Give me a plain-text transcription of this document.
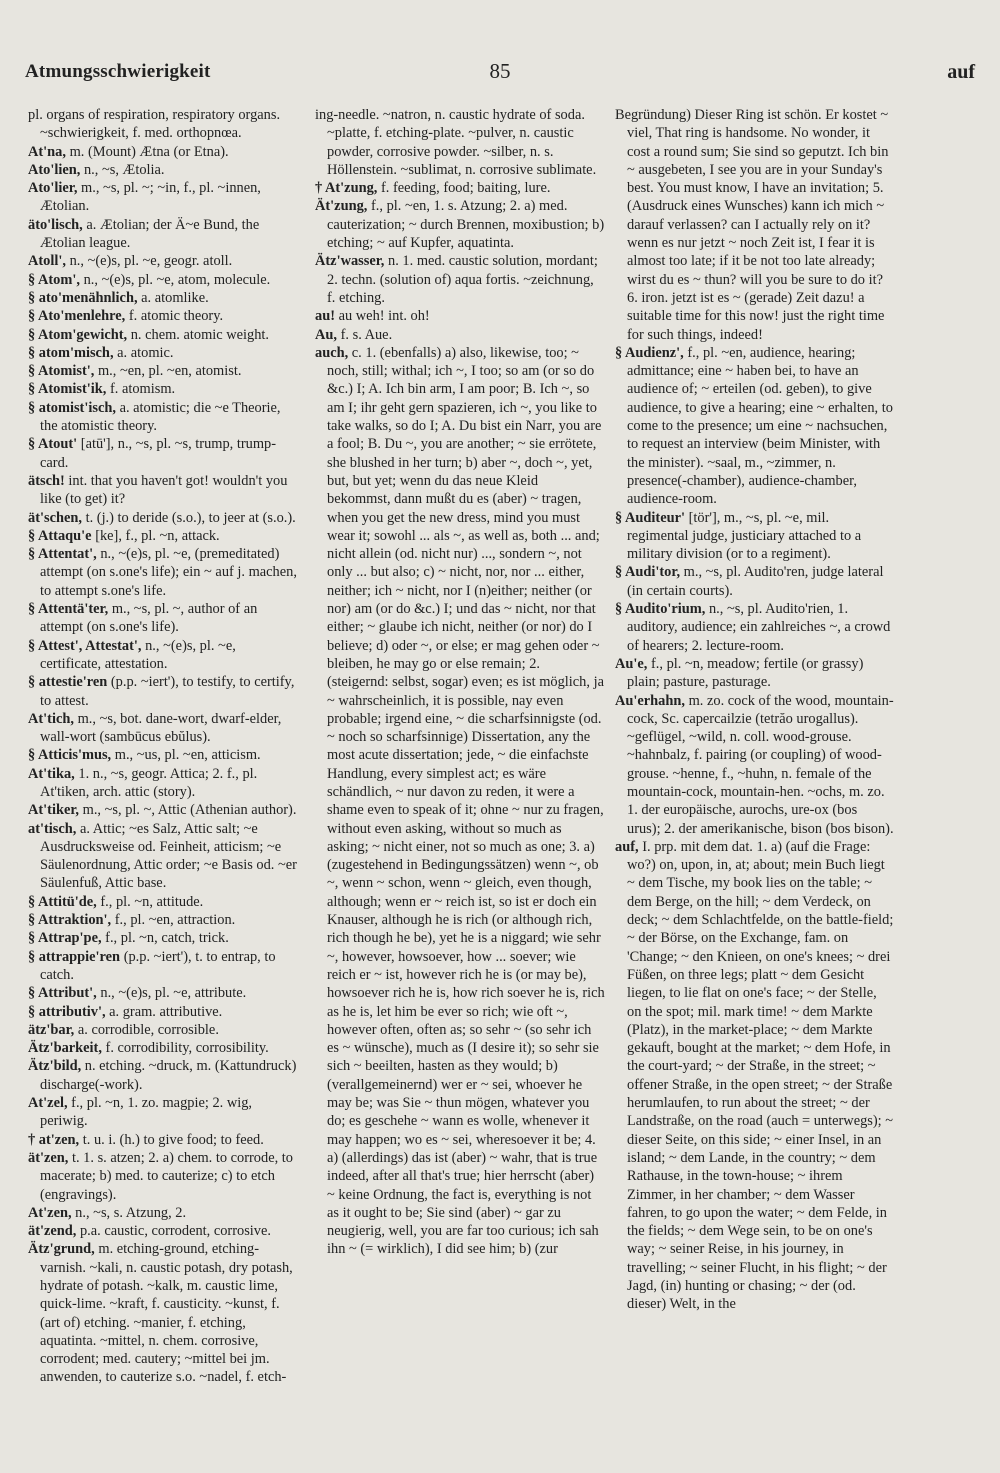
Atmungsschwierigkeit	85	auf

pl. organs of respiration, respiratory organs. ~schwierigkeit, f. med. orthopnœa.

At'na, m. (Mount) Ætna (or Etna).

Ato'lien, n., ~s, Ætolia.

Ato'lier, m., ~s, pl. ~; ~in, f., pl. ~innen, Ætolian.

äto'lisch, a. Ætolian; der Ä~e Bund, the Ætolian league.

Atoll', n., ~(e)s, pl. ~e, geogr. atoll.

§ Atom', n., ~(e)s, pl. ~e, atom, molecule.

§ ato'menähnlich, a. atomlike.

§ Ato'menlehre, f. atomic theory.

§ Atom'gewicht, n. chem. atomic weight.

§ atom'misch, a. atomic.

§ Atomist', m., ~en, pl. ~en, atomist.

§ Atomist'ik, f. atomism.

§ atomist'isch, a. atomistic; die ~e Theorie, the atomistic theory.

§ Atout' [atū'], n., ~s, pl. ~s, trump, trump-card.

ätsch! int. that you haven't got! wouldn't you like (to get) it?

ät'schen, t. (j.) to deride (s.o.), to jeer at (s.o.).

§ Attaqu'e [ke], f., pl. ~n, attack.

§ Attentat', n., ~(e)s, pl. ~e, (premeditated) attempt (on s.one's life); ein ~ auf j. machen, to attempt s.one's life.

§ Attentä'ter, m., ~s, pl. ~, author of an attempt (on s.one's life).

§ Attest', Attestat', n., ~(e)s, pl. ~e, certificate, attestation.

§ attestie'ren (p.p. ~iert'), to testify, to certify, to attest.

At'tich, m., ~s, bot. dane-wort, dwarf-elder, wall-wort (sambūcus ebŭlus).

§ Atticis'mus, m., ~us, pl. ~en, atticism.

At'tika, 1. n., ~s, geogr. Attica; 2. f., pl. At'tiken, arch. attic (story).

At'tiker, m., ~s, pl. ~, Attic (Athenian author).

at'tisch, a. Attic; ~es Salz, Attic salt; ~e Ausdrucksweise od. Feinheit, atticism; ~e Säulenordnung, Attic order; ~e Basis od. ~er Säulenfuß, Attic base.

§ Attitü'de, f., pl. ~n, attitude.

§ Attraktion', f., pl. ~en, attraction.

§ Attrap'pe, f., pl. ~n, catch, trick.

§ attrappie'ren (p.p. ~iert'), t. to entrap, to catch.

§ Attribut', n., ~(e)s, pl. ~e, attribute.

§ attributiv', a. gram. attributive.

ätz'bar, a. corrodible, corrosible.

Ätz'barkeit, f. corrodibility, corrosibility.

Ätz'bild, n. etching. ~druck, m. (Kattundruck) discharge(-work).

At'zel, f., pl. ~n, 1. zo. magpie; 2. wig, periwig.

† at'zen, t. u. i. (h.) to give food; to feed.

ät'zen, t. 1. s. atzen; 2. a) chem. to corrode, to macerate; b) med. to cauterize; c) to etch (engravings).

At'zen, n., ~s, s. Atzung, 2.

ät'zend, p.a. caustic, corrodent, corrosive.

Ätz'grund, m. etching-ground, etching-varnish. ~kali, n. caustic potash, dry potash, hydrate of potash. ~kalk, m. caustic lime, quick-lime. ~kraft, f. causticity. ~kunst, f. (art of) etching. ~manier, f. etching, aquatinta. ~mittel, n. chem. corrosive, corrodent; med. cautery; ~mittel bei jm. anwenden, to cauterize s.o. ~nadel, f. etch-

ing-needle. ~natron, n. caustic hydrate of soda. ~platte, f. etching-plate. ~pulver, n. caustic powder, corrosive powder. ~silber, n. s. Höllenstein. ~sublimat, n. corrosive sublimate.

† At'zung, f. feeding, food; baiting, lure.

Ät'zung, f., pl. ~en, 1. s. Atzung; 2. a) med. cauterization; ~ durch Brennen, moxibustion; b) etching; ~ auf Kupfer, aquatinta.

Ätz'wasser, n. 1. med. caustic solution, mordant; 2. techn. (solution of) aqua fortis. ~zeichnung, f. etching.

au! au weh! int. oh!

Au, f. s. Aue.

auch, c. 1. (ebenfalls) a) also, likewise, too; ~ noch, still; withal; ich ~, I too; so am (or so do &c.) I; A. Ich bin arm, I am poor; B. Ich ~, so am I; ihr geht gern spazieren, ich ~, you like to take walks, so do I; A. Du bist ein Narr, you are a fool; B. Du ~, you are another; ~ sie errötete, she blushed in her turn; b) aber ~, doch ~, yet, but, but yet; wenn du das neue Kleid bekommst, dann mußt du es (aber) ~ tragen, when you get the new dress, mind you must wear it; sowohl ... als ~, as well as, both ... and; nicht allein (od. nicht nur) ..., sondern ~, not only ... but also; c) ~ nicht, nor, nor ... either, neither; ich ~ nicht, nor I (n)either; neither (or nor) am (or do &c.) I; und das ~ nicht, nor that either; ~ glaube ich nicht, neither (or nor) do I believe; d) oder ~, or else; er mag gehen oder ~ bleiben, he may go or else remain; 2. (steigernd: selbst, sogar) even; es ist möglich, ja ~ wahrscheinlich, it is possible, nay even probable; irgend eine, ~ die scharfsinnigste (od. ~ noch so scharfsinnige) Dissertation, any the most acute dissertation; jede, ~ die einfachste Handlung, every simplest act; es wäre schändlich, ~ nur davon zu reden, it were a shame even to speak of it; ohne ~ nur zu fragen, without even asking, without so much as asking; ~ nicht einer, not so much as one; 3. a) (zugestehend in Bedingungssätzen) wenn ~, ob ~, wenn ~ schon, wenn ~ gleich, even though, although; wenn er ~ reich ist, so ist er doch ein Knauser, although he is rich (or although rich, rich though he be), yet he is a niggard; wie sehr ~, however, howsoever, how ... soever; wie reich er ~ ist, however rich he is (or may be), howsoever rich he is, how rich soever he is, rich as he is, let him be ever so rich; wie oft ~, however often, often as; so sehr ~ (so sehr ich es ~ wünsche), much as (I desire it); so sehr sie sich ~ beeilten, hasten as they would; b) (verallgemeinernd) wer er ~ sei, whoever he may be; was Sie ~ thun mögen, whatever you do; es geschehe ~ wann es wolle, whenever it may happen; wo es ~ sei, wheresoever it be; 4. a) (allerdings) das ist (aber) ~ wahr, that is true indeed, after all that's true; hier herrscht (aber) ~ keine Ordnung, the fact is, everything is not as it ought to be; Sie sind (aber) ~ gar zu neugierig, well, you are far too curious; ich sah ihn ~ (= wirklich), I did see him; b) (zur

Begründung) Dieser Ring ist schön. Er kostet ~ viel, That ring is handsome. No wonder, it cost a round sum; Sie sind so geputzt. Ich bin ~ ausgebeten, I see you are in your Sunday's best. You must know, I have an invitation; 5. (Ausdruck eines Wunsches) kann ich mich ~ darauf verlassen? can I actually rely on it? wenn es nur jetzt ~ noch Zeit ist, I fear it is almost too late; if it be not too late already; wirst du es ~ thun? will you be sure to do it? 6. iron. jetzt ist es ~ (gerade) Zeit dazu! a suitable time for this now! just the right time for such things, indeed!

§ Audienz', f., pl. ~en, audience, hearing; admittance; eine ~ haben bei, to have an audience of; ~ erteilen (od. geben), to give audience, to give a hearing; eine ~ erhalten, to come to the presence; um eine ~ nachsuchen, to request an interview (beim Minister, with the minister). ~saal, m., ~zimmer, n. presence(-chamber), audience-chamber, audience-room.

§ Auditeur' [tör'], m., ~s, pl. ~e, mil. regimental judge, justiciary attached to a military division (or to a regiment).

§ Audi'tor, m., ~s, pl. Audito'ren, judge lateral (in certain courts).

§ Audito'rium, n., ~s, pl. Audito'rien, 1. auditory, audience; ein zahlreiches ~, a crowd of hearers; 2. lecture-room.

Au'e, f., pl. ~n, meadow; fertile (or grassy) plain; pasture, pasturage.

Au'erhahn, m. zo. cock of the wood, mountain-cock, Sc. capercailzie (tetrăo urogallus). ~geflügel, ~wild, n. coll. wood-grouse. ~hahnbalz, f. pairing (or coupling) of wood-grouse. ~henne, f., ~huhn, n. female of the mountain-cock, mountain-hen. ~ochs, m. zo. 1. der europäische, aurochs, ure-ox (bos urus); 2. der amerikanische, bison (bos bison).

auf, I. prp. mit dem dat. 1. a) (auf die Frage: wo?) on, upon, in, at; about; mein Buch liegt ~ dem Tische, my book lies on the table; ~ dem Berge, on the hill; ~ dem Verdeck, on deck; ~ dem Schlachtfelde, on the battle-field; ~ der Börse, on the Exchange, fam. on 'Change; ~ den Knieen, on one's knees; ~ drei Füßen, on three legs; platt ~ dem Gesicht liegen, to lie flat on one's face; ~ der Stelle, on the spot; mil. mark time! ~ dem Markte (Platz), in the market-place; ~ dem Markte gekauft, bought at the market; ~ dem Hofe, in the court-yard; ~ der Straße, in the street; ~ offener Straße, in the open street; ~ der Straße herumlaufen, to run about the street; ~ der Landstraße, on the road (auch = unterwegs); ~ dieser Seite, on this side; ~ einer Insel, in an island; ~ dem Lande, in the country; ~ dem Rathause, in the town-house; ~ ihrem Zimmer, in her chamber; ~ dem Wasser fahren, to go upon the water; ~ dem Felde, in the fields; ~ dem Wege sein, to be on one's way; ~ seiner Reise, in his journey, in travelling; ~ seiner Flucht, in his flight; ~ der Jagd, (in) hunting or chasing; ~ der (od. dieser) Welt, in the
